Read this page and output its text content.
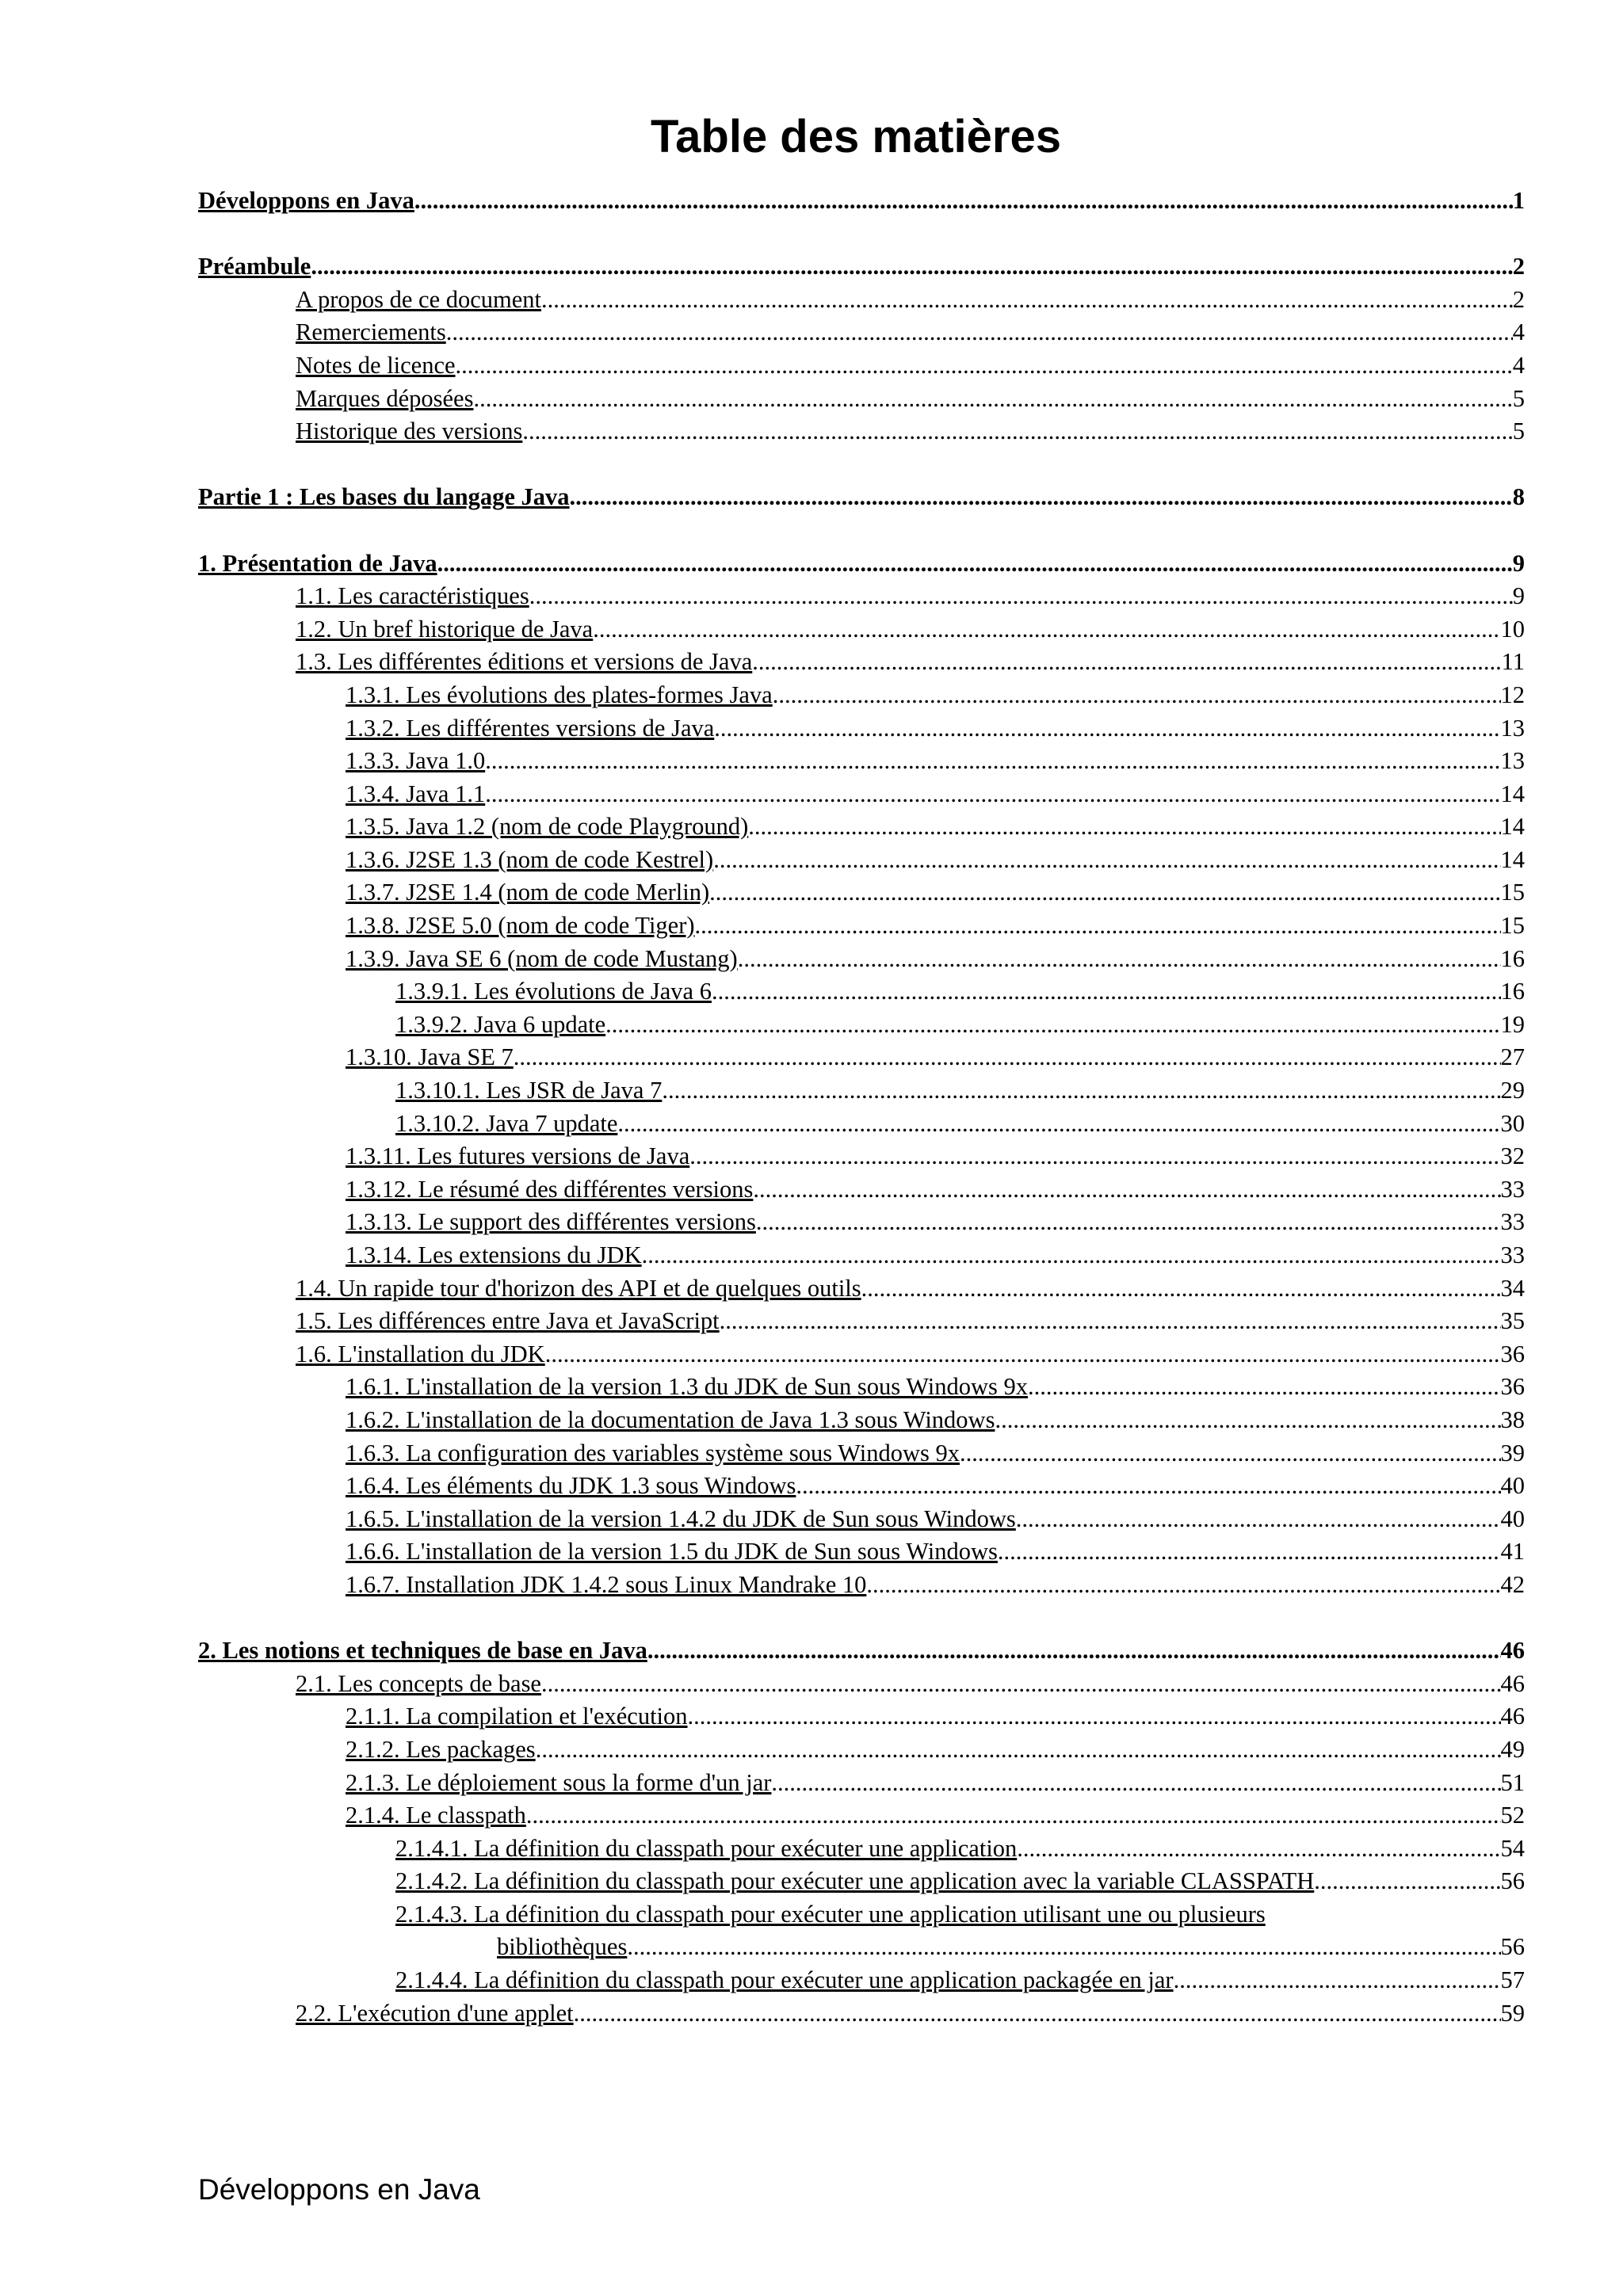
Table des matières
Développons en Java .....	1
Préambule .....	2
A propos de ce document .....	2
Remerciements .....	4
Notes de licence .....	4
Marques déposées .....	5
Historique des versions .....	5
Partie 1 : Les bases du langage Java .....	8
1. Présentation de Java .....	9
1.1. Les caractéristiques .....	9
1.2. Un bref historique de Java .....	10
1.3. Les différentes éditions et versions de Java .....	11
1.3.1. Les évolutions des plates-formes Java .....	12
1.3.2. Les différentes versions de Java .....	13
1.3.3. Java 1.0 .....	13
1.3.4. Java 1.1 .....	14
1.3.5. Java 1.2 (nom de code Playground) .....	14
1.3.6. J2SE 1.3 (nom de code Kestrel) .....	14
1.3.7. J2SE 1.4 (nom de code Merlin) .....	15
1.3.8. J2SE 5.0 (nom de code Tiger) .....	15
1.3.9. Java SE 6 (nom de code Mustang) .....	16
1.3.9.1. Les évolutions de Java 6 .....	16
1.3.9.2. Java 6 update .....	19
1.3.10. Java SE 7 .....	27
1.3.10.1. Les JSR de Java 7 .....	29
1.3.10.2. Java 7 update .....	30
1.3.11. Les futures versions de Java .....	32
1.3.12. Le résumé des différentes versions .....	33
1.3.13. Le support des différentes versions .....	33
1.3.14. Les extensions du JDK .....	33
1.4. Un rapide tour d'horizon des API et de quelques outils .....	34
1.5. Les différences entre Java et JavaScript .....	35
1.6. L'installation du JDK .....	36
1.6.1. L'installation de la version 1.3 du JDK de Sun sous Windows 9x .....	36
1.6.2. L'installation de la documentation de Java 1.3 sous Windows .....	38
1.6.3. La configuration des variables système sous Windows 9x .....	39
1.6.4. Les éléments du JDK 1.3 sous Windows .....	40
1.6.5. L'installation de la version 1.4.2 du JDK de Sun sous Windows .....	40
1.6.6. L'installation de la version 1.5 du JDK de Sun sous Windows .....	41
1.6.7. Installation JDK 1.4.2 sous Linux Mandrake 10 .....	42
2. Les notions et techniques de base en Java .....	46
2.1. Les concepts de base .....	46
2.1.1. La compilation et l'exécution .....	46
2.1.2. Les packages .....	49
2.1.3. Le déploiement sous la forme d'un jar .....	51
2.1.4. Le classpath .....	52
2.1.4.1. La définition du classpath pour exécuter une application .....	54
2.1.4.2. La définition du classpath pour exécuter une application avec la variable CLASSPATH .....	56
2.1.4.3. La définition du classpath pour exécuter une application utilisant une ou plusieurs
bibliothèques .....	56
2.1.4.4. La définition du classpath pour exécuter une application packagée en jar .....	57
2.2. L'exécution d'une applet .....	59
Développons en Java
